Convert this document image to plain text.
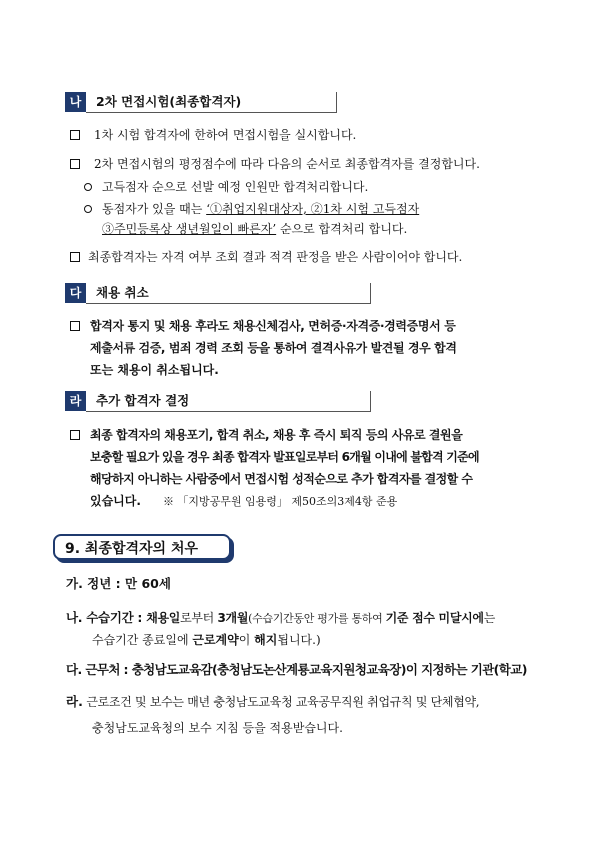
나	2차 면접시험(최종합격자)
1차 시험 합격자에 한하여 면접시험을 실시합니다.
2차 면접시험의 평정점수에 따라 다음의 순서로 최종합격자를 결정합니다.
고득점자 순으로 선발 예정 인원만 합격처리합니다.
동점자가 있을 때는 ‘①취업지원대상자, ②1차 시험 고득점자
③주민등록상 생년월일이 빠른자’ 순으로 합격처리 합니다.
최종합격자는 자격 여부 조회 결과 적격 판정을 받은 사람이어야 합니다.
다	채용 취소
합격자 통지 및 채용 후라도 채용신체검사, 면허증·자격증·경력증명서 등
제출서류 검증, 범죄 경력 조회 등을 통하여 결격사유가 발견될 경우 합격
또는 채용이 취소됩니다.
라	추가 합격자 결정
최종 합격자의 채용포기, 합격 취소, 채용 후 즉시 퇴직 등의 사유로 결원을
보충할 필요가 있을 경우 최종 합격자 발표일로부터 6개월 이내에 불합격 기준에
해당하지 아니하는 사람중에서 면접시험 성적순으로 추가 합격자를 결정할 수
있습니다. ※ 「지방공무원 임용령」 제50조의3제4항 준용
9. 최종합격자의 처우
가. 정년 : 만 60세
나. 수습기간 : 채용일로부터 3개월(수습기간동안 평가를 통하여 기준 점수 미달시에는
수습기간 종료일에 근로계약이 해지됩니다.)
다. 근무처 : 충청남도교육감(충청남도논산계룡교육지원청교육장)이 지정하는 기관(학교)
라. 근로조건 및 보수는 매년 충청남도교육청 교육공무직원 취업규칙 및 단체협약,
충청남도교육청의 보수 지침 등을 적용받습니다.
